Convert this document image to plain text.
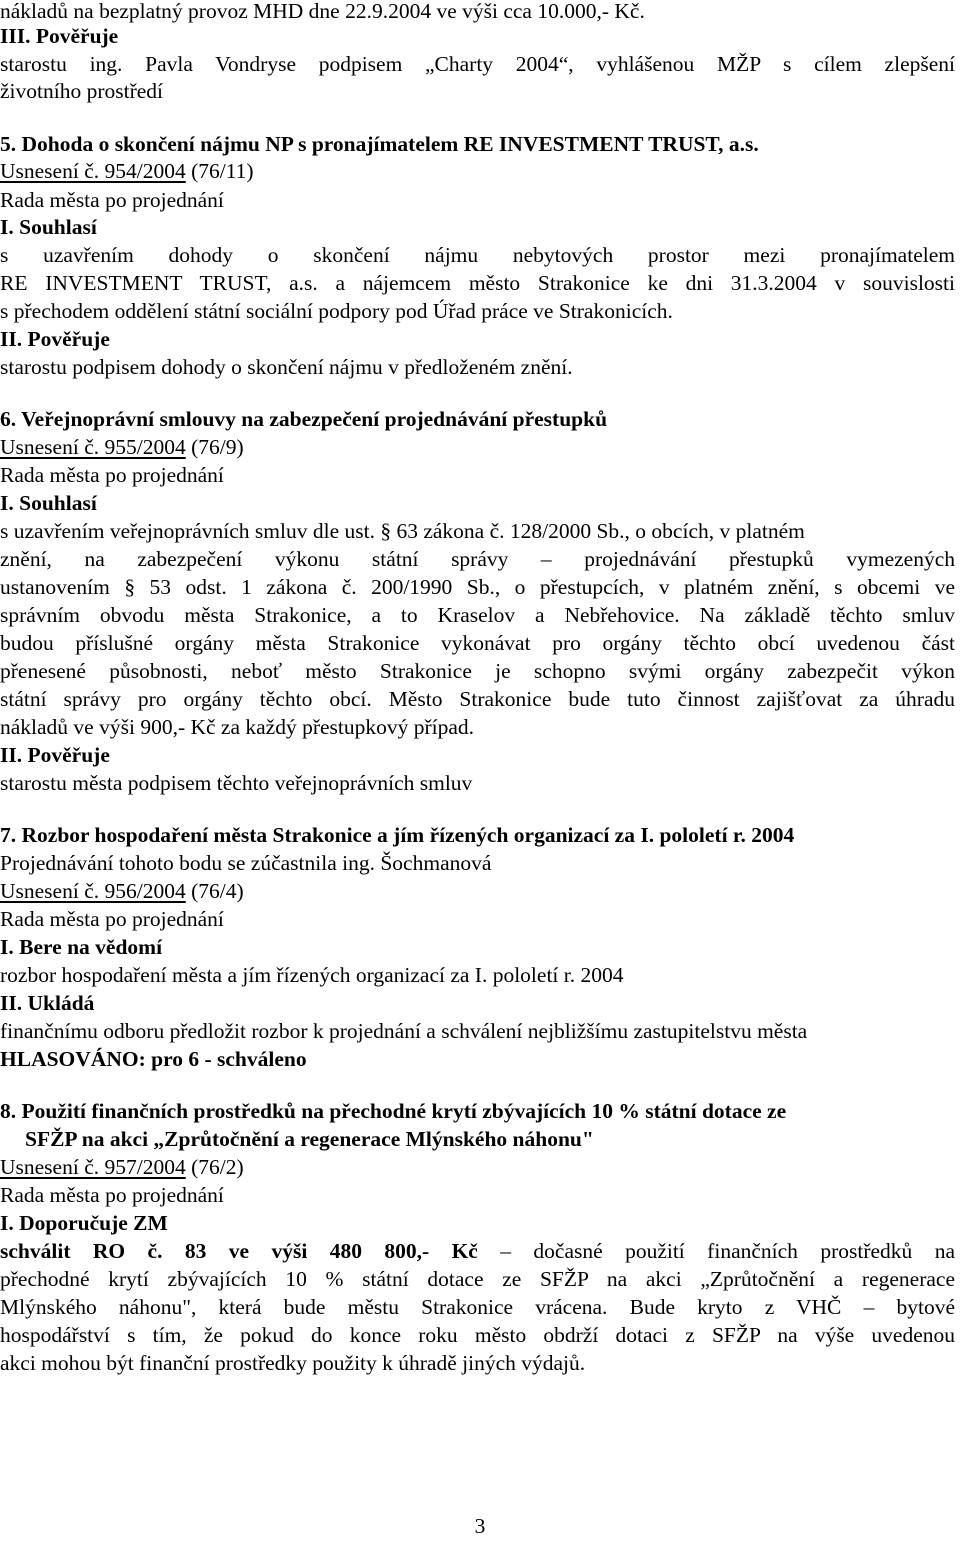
nákladů na bezplatný provoz MHD dne 22.9.2004 ve výši cca 10.000,- Kč.
III. Pověřuje
starostu ing. Pavla Vondryse podpisem „Charty 2004“, vyhlášenou MŽP s cílem zlepšení
životního prostředí
5. Dohoda o skončení nájmu NP s pronajímatelem RE INVESTMENT TRUST, a.s.
Usnesení č. 954/2004 (76/11)
Rada města po projednání
I. Souhlasí
s uzavřením dohody o skončení nájmu nebytových prostor mezi pronajímatelem
RE INVESTMENT TRUST, a.s. a nájemcem město Strakonice ke dni 31.3.2004 v souvislosti
s přechodem oddělení státní sociální podpory pod Úřad práce ve Strakonicích.
II. Pověřuje
starostu podpisem dohody o skončení nájmu v předloženém znění.
6. Veřejnoprávní smlouvy na zabezpečení projednávání přestupků
Usnesení č. 955/2004 (76/9)
Rada města po projednání
I. Souhlasí
s uzavřením veřejnoprávních smluv dle ust. § 63 zákona č. 128/2000 Sb., o obcích, v platném
znění, na zabezpečení výkonu státní správy – projednávání přestupků vymezených
ustanovením § 53 odst. 1 zákona č. 200/1990 Sb., o přestupcích, v platném znění, s obcemi ve
správním obvodu města Strakonice, a to Kraselov a Nebřehovice. Na základě těchto smluv
budou příslušné orgány města Strakonice vykonávat pro orgány těchto obcí uvedenou část
přenesené působnosti, neboť město Strakonice je schopno svými orgány zabezpečit výkon
státní správy pro orgány těchto obcí. Město Strakonice bude tuto činnost zajišťovat za úhradu
nákladů ve výši 900,- Kč za každý přestupkový případ.
II. Pověřuje
starostu města podpisem těchto veřejnoprávních smluv
7. Rozbor hospodaření města Strakonice a jím řízených organizací za I. pololetí r. 2004
Projednávání tohoto bodu se zúčastnila ing. Šochmanová
Usnesení č. 956/2004 (76/4)
Rada města po projednání
I. Bere na vědomí
rozbor hospodaření města a jím řízených organizací za I. pololetí r. 2004
II. Ukládá
finančnímu odboru předložit rozbor k projednání a schválení nejbližšímu zastupitelstvu města
HLASOVÁNO: pro 6 - schváleno
8. Použití finančních prostředků na přechodné krytí zbývajících 10 % státní dotace ze
SFŽP na akci „Zprůtočnění a regenerace Mlýnského náhonu"
Usnesení č. 957/2004 (76/2)
Rada města po projednání
I. Doporučuje ZM
schválit RO č. 83 ve výši 480 800,- Kč – dočasné použití finančních prostředků na
přechodné krytí zbývajících 10 % státní dotace ze SFŽP na akci „Zprůtočnění a regenerace
Mlýnského náhonu", která bude městu Strakonice vrácena. Bude kryto z VHČ – bytové
hospodářství s tím, že pokud do konce roku město obdrží dotaci z SFŽP na výše uvedenou
akci mohou být finanční prostředky použity k úhradě jiných výdajů.
3
